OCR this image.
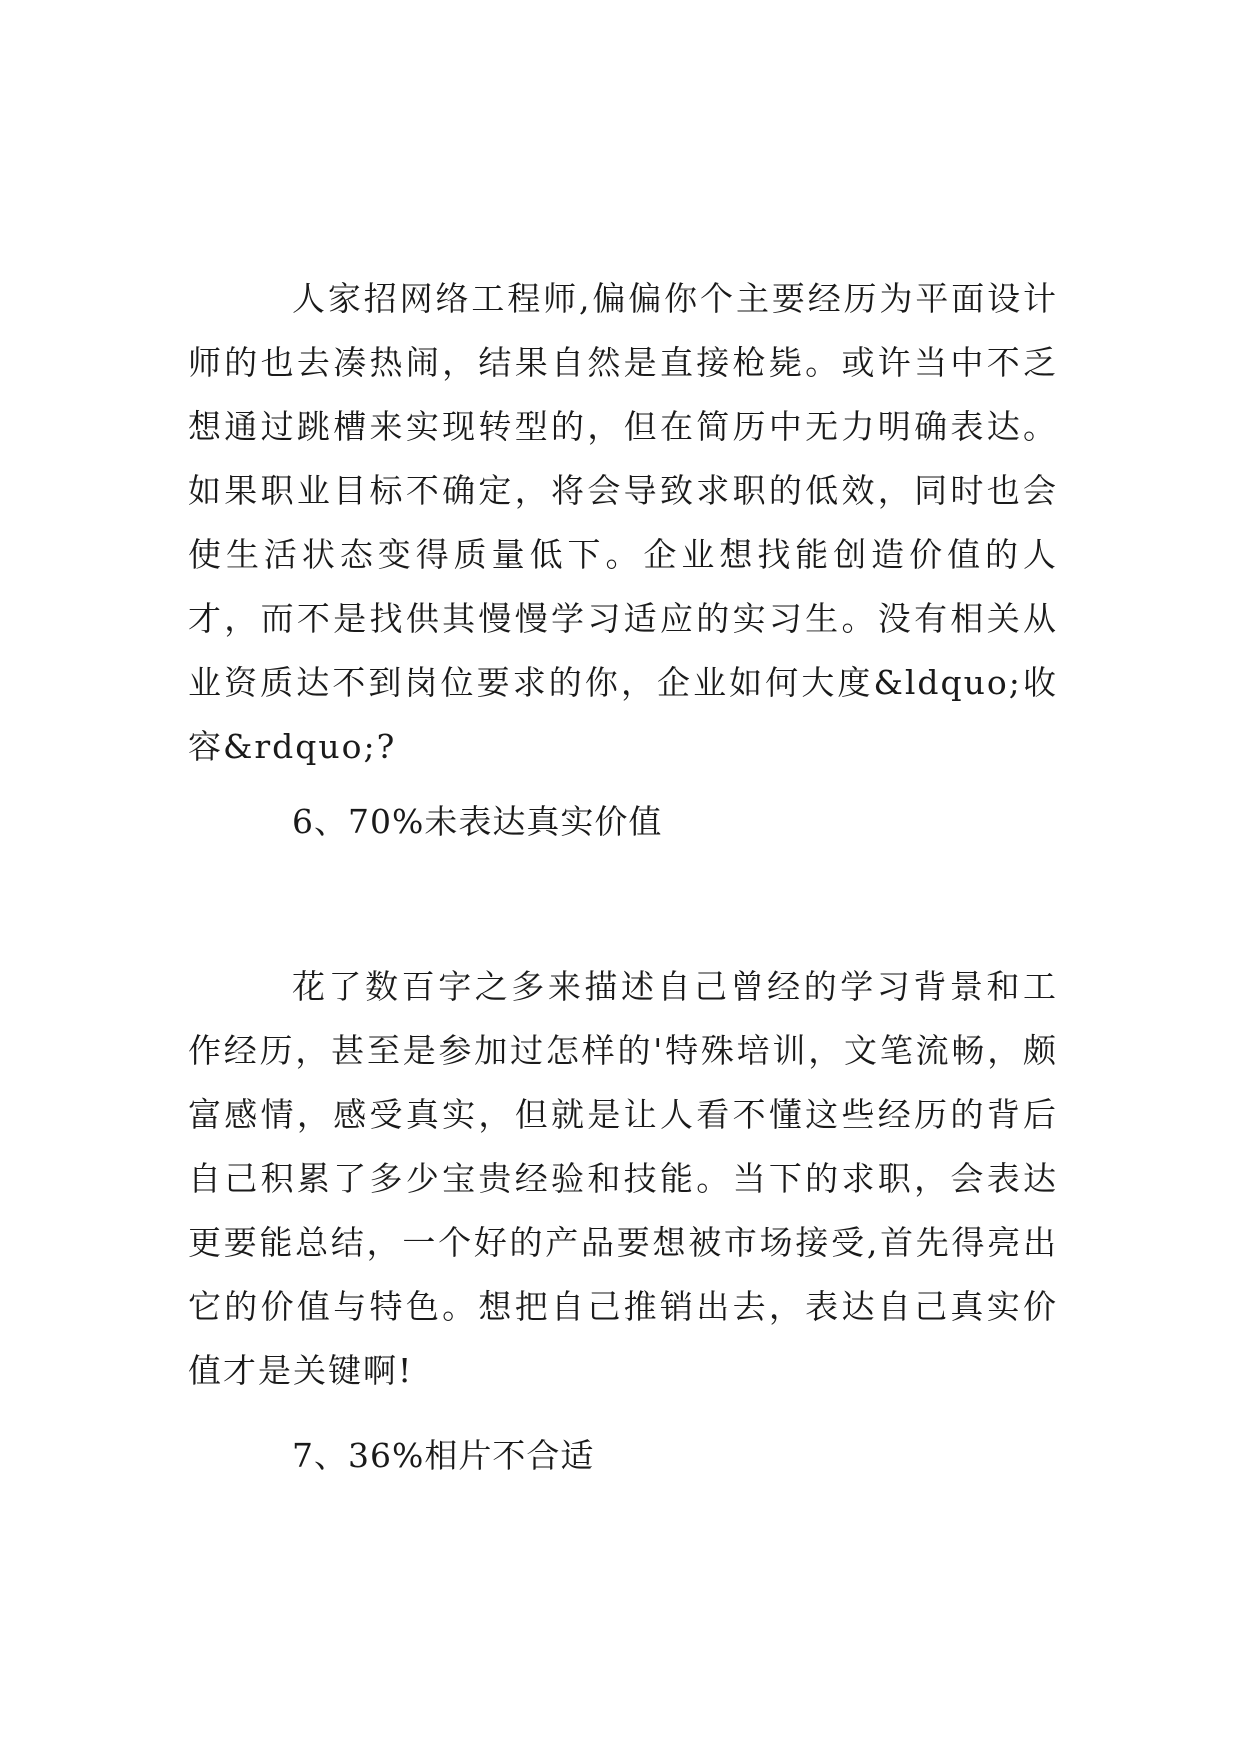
人家招网络工程师,偏偏你个主要经历为平面设计师的也去凑热闹，结果自然是直接枪毙。或许当中不乏想通过跳槽来实现转型的，但在简历中无力明确表达。如果职业目标不确定，将会导致求职的低效，同时也会使生活状态变得质量低下。企业想找能创造价值的人才，而不是找供其慢慢学习适应的实习生。没有相关从业资质达不到岗位要求的你，企业如何大度&ldquo;收容&rdquo;?

6、70%未表达真实价值

花了数百字之多来描述自己曾经的学习背景和工作经历，甚至是参加过怎样的'特殊培训，文笔流畅，颇富感情，感受真实，但就是让人看不懂这些经历的背后自己积累了多少宝贵经验和技能。当下的求职，会表达更要能总结，一个好的产品要想被市场接受,首先得亮出它的价值与特色。想把自己推销出去，表达自己真实价值才是关键啊!

7、36%相片不合适
